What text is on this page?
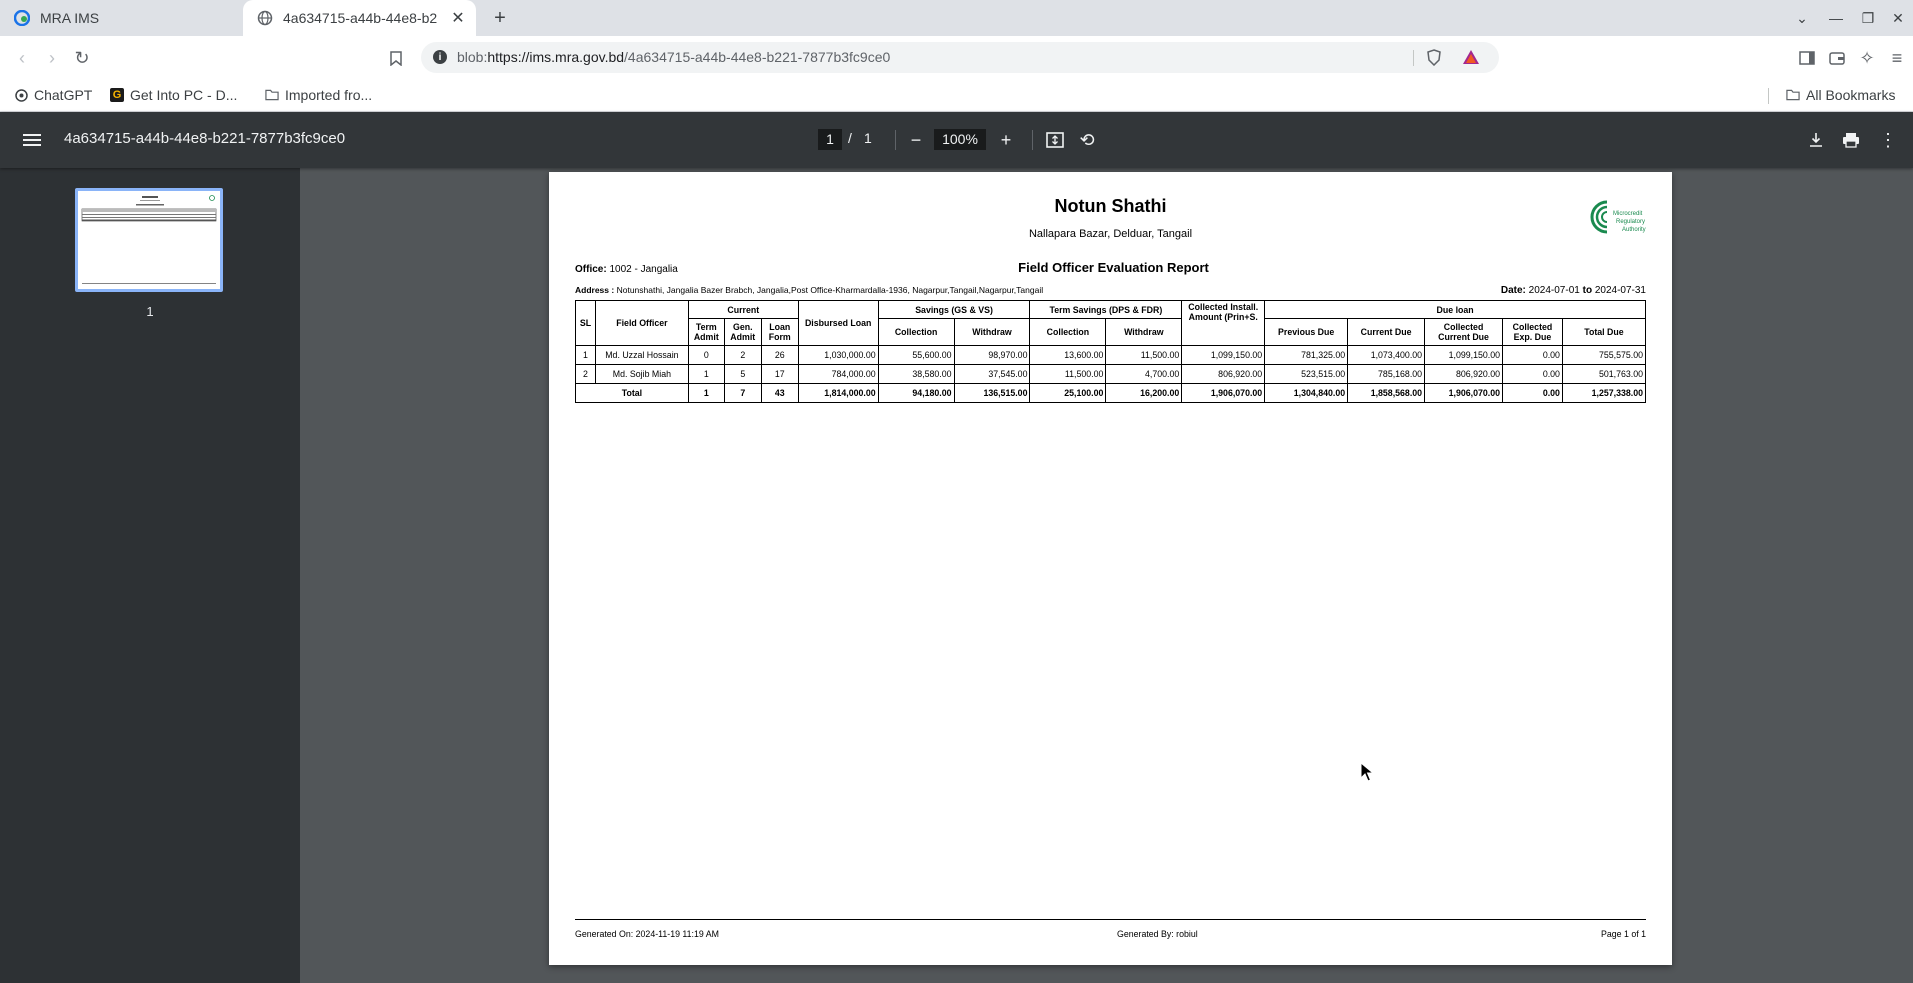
MRA IMS	4a634715-a44b-44e8-b2 ✕	+	⌄	—	❐	✕
‹	›	↻	i	blob:https://ims.mra.gov.bd/4a634715-a44b-44e8-b221-7877b3fc9ce0	✧ ≡
ChatGPT G Get Into PC - D...	Imported fro...	All Bookmarks
4a634715-a44b-44e8-b221-7877b3fc9ce0	1	/ 1	−	100%	+	⟲	⋮
1
Notun Shathi
Nallapara Bazar, Delduar, Tangail
Microcredit
Regulatory
Authority
Office: 1002 - Jangalia	Field Officer Evaluation Report
Address : Notunshathi, Jangalia Bazer Brabch, Jangalia,Post Office-Kharmardalla-1936, Nagarpur,Tangail,Nagarpur,Tangail	Date: 2024-07-01 to 2024-07-31
SL	Field Officer	Current			Disbursed Loan	Savings (GS & VS)		Term Savings (DPS & FDR)		Collected Install. Amount (Prin+S.	Due loan				
		Term Admit	Gen. Admit	Loan Form		Collection	Withdraw	Collection	Withdraw		Previous Due	Current Due	Collected Current Due	Collected Exp. Due	Total Due
1	Md. Uzzal Hossain	0	2	26	1,030,000.00	55,600.00	98,970.00	13,600.00	11,500.00	1,099,150.00	781,325.00	1,073,400.00	1,099,150.00	0.00	755,575.00
2	Md. Sojib Miah	1	5	17	784,000.00	38,580.00	37,545.00	11,500.00	4,700.00	806,920.00	523,515.00	785,168.00	806,920.00	0.00	501,763.00
Total		1	7	43	1,814,000.00	94,180.00	136,515.00	25,100.00	16,200.00	1,906,070.00	1,304,840.00	1,858,568.00	1,906,070.00	0.00	1,257,338.00
Generated On: 2024-11-19 11:19 AM	Generated By: robiul	Page 1 of 1
